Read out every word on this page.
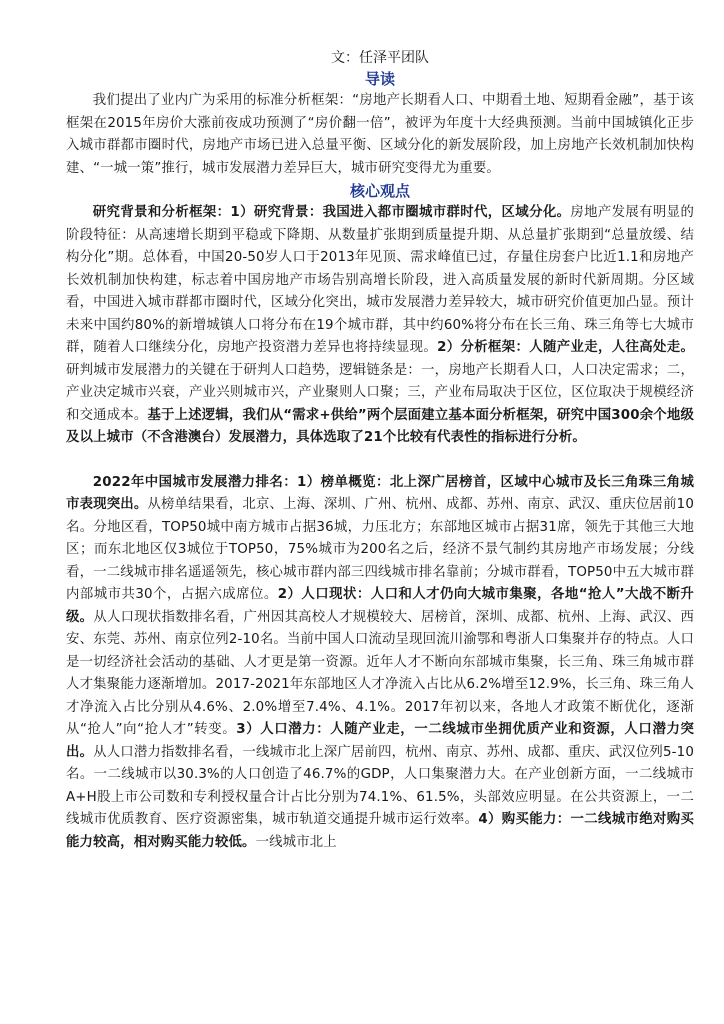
文：任泽平团队

导读

我们提出了业内广为采用的标准分析框架：“房地产长期看人口、中期看土地、短期看金融”，基于该框架在2015年房价大涨前夜成功预测了“房价翻一倍”，被评为年度十大经典预测。当前中国城镇化正步入城市群都市圈时代，房地产市场已进入总量平衡、区域分化的新发展阶段，加上房地产长效机制加快构建、“一城一策”推行，城市发展潜力差异巨大，城市研究变得尤为重要。

核心观点

研究背景和分析框架：1）研究背景：我国进入都市圈城市群时代，区域分化。房地产发展有明显的阶段特征：从高速增长期到平稳或下降期、从数量扩张期到质量提升期、从总量扩张期到“总量放缓、结构分化”期。总体看，中国20-50岁人口于2013年见顶、需求峰值已过，存量住房套户比近1.1和房地产长效机制加快构建，标志着中国房地产市场告别高增长阶段，进入高质量发展的新时代新周期。分区域看，中国进入城市群都市圈时代，区域分化突出，城市发展潜力差异较大，城市研究价值更加凸显。预计未来中国约80%的新增城镇人口将分布在19个城市群，其中约60%将分布在长三角、珠三角等七大城市群，随着人口继续分化，房地产投资潜力差异也将持续显现。2）分析框架：人随产业走，人往高处走。研判城市发展潜力的关键在于研判人口趋势，逻辑链条是：一，房地产长期看人口，人口决定需求；二，产业决定城市兴衰，产业兴则城市兴，产业聚则人口聚；三，产业布局取决于区位，区位取决于规模经济和交通成本。基于上述逻辑，我们从“需求+供给”两个层面建立基本面分析框架，研究中国300余个地级及以上城市（不含港澳台）发展潜力，具体选取了21个比较有代表性的指标进行分析。

2022年中国城市发展潜力排名：1）榜单概览：北上深广居榜首，区域中心城市及长三角珠三角城市表现突出。从榜单结果看，北京、上海、深圳、广州、杭州、成都、苏州、南京、武汉、重庆位居前10名。分地区看，TOP50城中南方城市占据36城，力压北方；东部地区城市占据31席，领先于其他三大地区；而东北地区仅3城位于TOP50，75%城市为200名之后，经济不景气制约其房地产市场发展；分线看，一二线城市排名遥遥领先，核心城市群内部三四线城市排名靠前；分城市群看，TOP50中五大城市群内部城市共30个，占据六成席位。2）人口现状：人口和人才仍向大城市集聚，各地“抢人”大战不断升级。从人口现状指数排名看，广州因其高校人才规模较大、居榜首，深圳、成都、杭州、上海、武汉、西安、东莞、苏州、南京位列2-10名。当前中国人口流动呈现回流川渝鄂和粤浙人口集聚并存的特点。人口是一切经济社会活动的基础、人才更是第一资源。近年人才不断向东部城市集聚，长三角、珠三角城市群人才集聚能力逐渐增加。2017-2021年东部地区人才净流入占比从6.2%增至12.9%，长三角、珠三角人才净流入占比分别从4.6%、2.0%增至7.4%、4.1%。2017年初以来，各地人才政策不断优化，逐渐从“抢人”向“抢人才”转变。3）人口潜力：人随产业走，一二线城市坐拥优质产业和资源，人口潜力突出。从人口潜力指数排名看，一线城市北上深广居前四，杭州、南京、苏州、成都、重庆、武汉位列5-10名。一二线城市以30.3%的人口创造了46.7%的GDP，人口集聚潜力大。在产业创新方面，一二线城市A+H股上市公司数和专利授权量合计占比分别为74.1%、61.5%，头部效应明显。在公共资源上，一二线城市优质教育、医疗资源密集，城市轨道交通提升城市运行效率。4）购买能力：一二线城市绝对购买能力较高，相对购买能力较低。一线城市北上
